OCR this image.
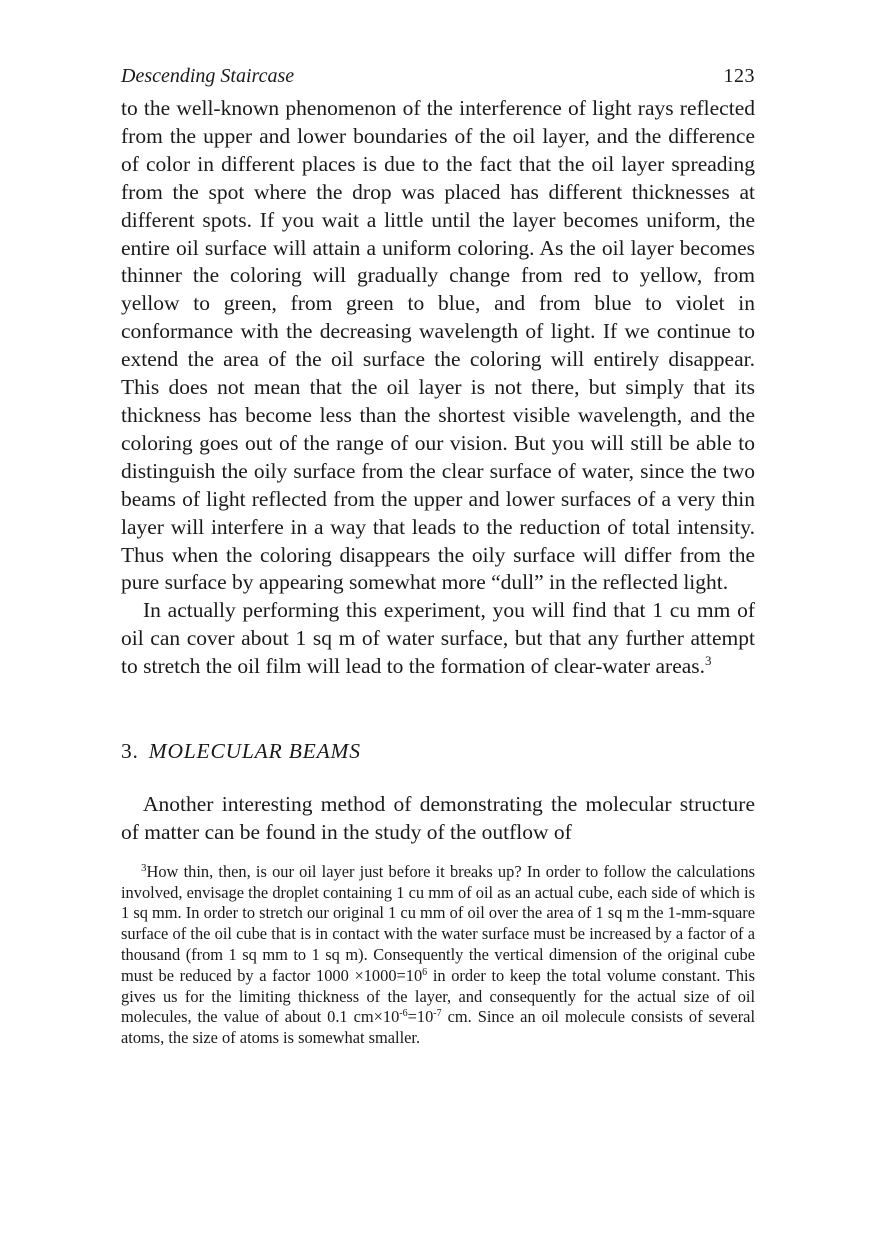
Descending Staircase	123

to the well-known phenomenon of the interference of light rays reflected from the upper and lower boundaries of the oil layer, and the difference of color in different places is due to the fact that the oil layer spreading from the spot where the drop was placed has different thicknesses at different spots. If you wait a little until the layer becomes uniform, the entire oil surface will attain a uniform coloring. As the oil layer becomes thinner the coloring will gradually change from red to yellow, from yellow to green, from green to blue, and from blue to violet in conformance with the decreasing wavelength of light. If we continue to extend the area of the oil surface the coloring will entirely disappear. This does not mean that the oil layer is not there, but simply that its thickness has become less than the shortest visible wavelength, and the coloring goes out of the range of our vision. But you will still be able to distinguish the oily surface from the clear surface of water, since the two beams of light reflected from the upper and lower surfaces of a very thin layer will interfere in a way that leads to the reduction of total intensity. Thus when the coloring disappears the oily surface will differ from the pure surface by appearing somewhat more “dull” in the reflected light.

In actually performing this experiment, you will find that 1 cu mm of oil can cover about 1 sq m of water surface, but that any further attempt to stretch the oil film will lead to the formation of clear-water areas.$^3$

3. MOLECULAR BEAMS

Another interesting method of demonstrating the molecular structure of matter can be found in the study of the outflow of

$^3$How thin, then, is our oil layer just before it breaks up? In order to follow the calculations involved, envisage the droplet containing 1 cu mm of oil as an actual cube, each side of which is 1 sq mm. In order to stretch our original 1 cu mm of oil over the area of 1 sq m the 1-mm-square surface of the oil cube that is in contact with the water surface must be increased by a factor of a thousand (from 1 sq mm to 1 sq m). Consequently the vertical dimension of the original cube must be reduced by a factor $1000 \times 1000=10^6$ in order to keep the total volume constant. This gives us for the limiting thickness of the layer, and consequently for the actual size of oil molecules, the value of about 0.1 $cm\times 10^{-6}=10^{-7}$ cm. Since an oil molecule consists of several atoms, the size of atoms is somewhat smaller.
